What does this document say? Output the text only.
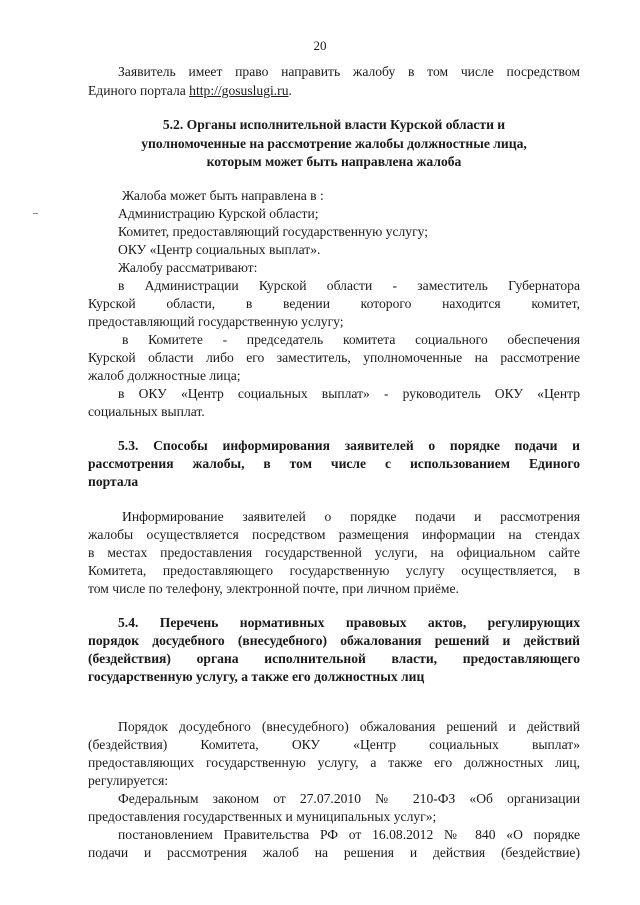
20
Заявитель имеет право направить жалобу в том числе посредством
Единого портала http://gosuslugi.ru.
5.2. Органы исполнительной власти Курской области и
уполномоченные на рассмотрение жалобы должностные лица,
которым может быть направлена жалоба
Жалоба может быть направлена в :
Администрацию Курской области;
Комитет, предоставляющий государственную услугу;
ОКУ «Центр социальных выплат».
Жалобу рассматривают:
в Администрации Курской области - заместитель Губернатора
Курской области, в ведении которого находится комитет,
предоставляющий государственную услугу;
в Комитете - председатель комитета социального обеспечения
Курской области либо его заместитель, уполномоченные на рассмотрение
жалоб должностные лица;
в ОКУ «Центр социальных выплат» - руководитель ОКУ «Центр
социальных выплат.
5.3. Способы информирования заявителей о порядке подачи и
рассмотрения жалобы, в том числе с использованием Единого
портала
Информирование заявителей о порядке подачи и рассмотрения
жалобы осуществляется посредством размещения информации на стендах
в местах предоставления государственной услуги, на официальном сайте
Комитета, предоставляющего государственную услугу осуществляется, в
том числе по телефону, электронной почте, при личном приёме.
5.4. Перечень нормативных правовых актов, регулирующих
порядок досудебного (внесудебного) обжалования решений и действий
(бездействия) органа исполнительной власти, предоставляющего
государственную услугу, а также его должностных лиц
Порядок досудебного (внесудебного) обжалования решений и действий
(бездействия) Комитета, ОКУ «Центр социальных выплат»
предоставляющих государственную услугу, а также его должностных лиц,
регулируется:
Федеральным законом от 27.07.2010 № 210-ФЗ «Об организации
предоставления государственных и муниципальных услуг»;
постановлением Правительства РФ от 16.08.2012 № 840 «О порядке
подачи и рассмотрения жалоб на решения и действия (бездействие)
